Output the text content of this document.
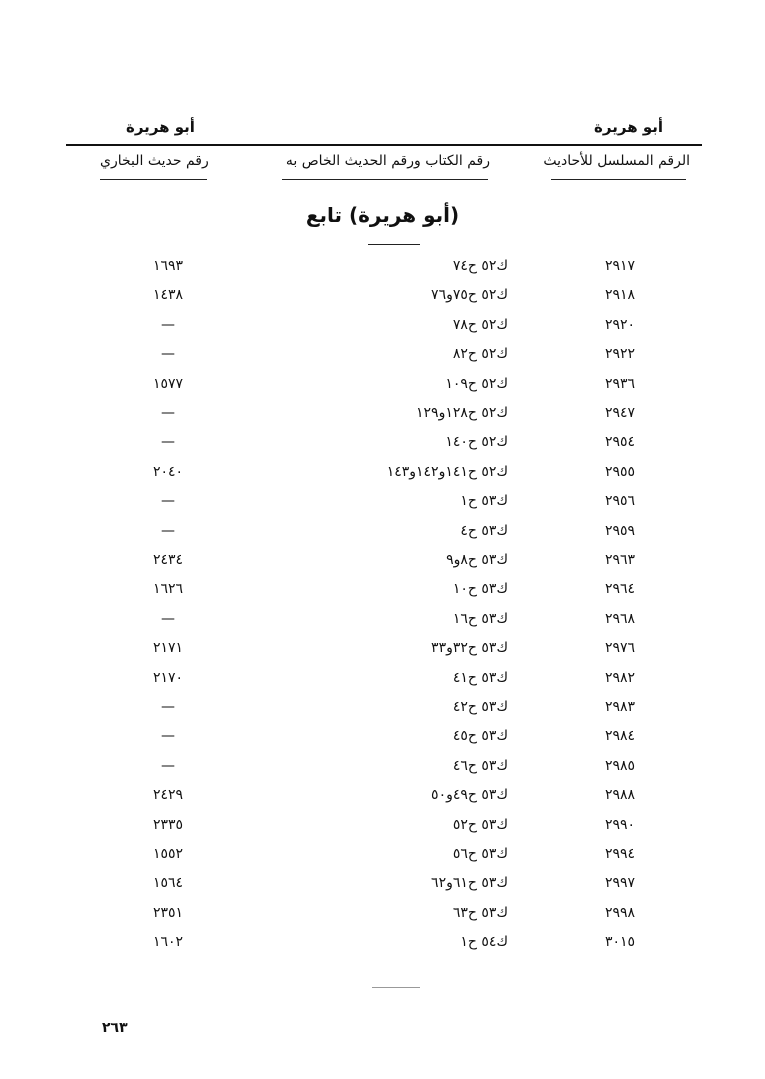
أبو هريرة
أبو هريرة
الرقم المسلسل للأحاديث
رقم الكتاب ورقم الحديث الخاص به
رقم حديث البخاري
(أبو هريرة) تابع
٢٩١٧
ك٥٢ ح٧٤
١٦٩٣
٢٩١٨
ك٥٢ ح٧٥و٧٦
١٤٣٨
٢٩٢٠
ك٥٢ ح٧٨
—
٢٩٢٢
ك٥٢ ح٨٢
—
٢٩٣٦
ك٥٢ ح١٠٩
١٥٧٧
٢٩٤٧
ك٥٢ ح١٢٨و١٢٩
—
٢٩٥٤
ك٥٢ ح١٤٠
—
٢٩٥٥
ك٥٢ ح١٤١و١٤٢و١٤٣
٢٠٤٠
٢٩٥٦
ك٥٣ ح١
—
٢٩٥٩
ك٥٣ ح٤
—
٢٩٦٣
ك٥٣ ح٨و٩
٢٤٣٤
٢٩٦٤
ك٥٣ ح١٠
١٦٢٦
٢٩٦٨
ك٥٣ ح١٦
—
٢٩٧٦
ك٥٣ ح٣٢و٣٣
٢١٧١
٢٩٨٢
ك٥٣ ح٤١
٢١٧٠
٢٩٨٣
ك٥٣ ح٤٢
—
٢٩٨٤
ك٥٣ ح٤٥
—
٢٩٨٥
ك٥٣ ح٤٦
—
٢٩٨٨
ك٥٣ ح٤٩و٥٠
٢٤٢٩
٢٩٩٠
ك٥٣ ح٥٢
٢٣٣٥
٢٩٩٤
ك٥٣ ح٥٦
١٥٥٢
٢٩٩٧
ك٥٣ ح٦١و٦٢
١٥٦٤
٢٩٩٨
ك٥٣ ح٦٣
٢٣٥١
٣٠١٥
ك٥٤ ح١
١٦٠٢
٢٦٣
